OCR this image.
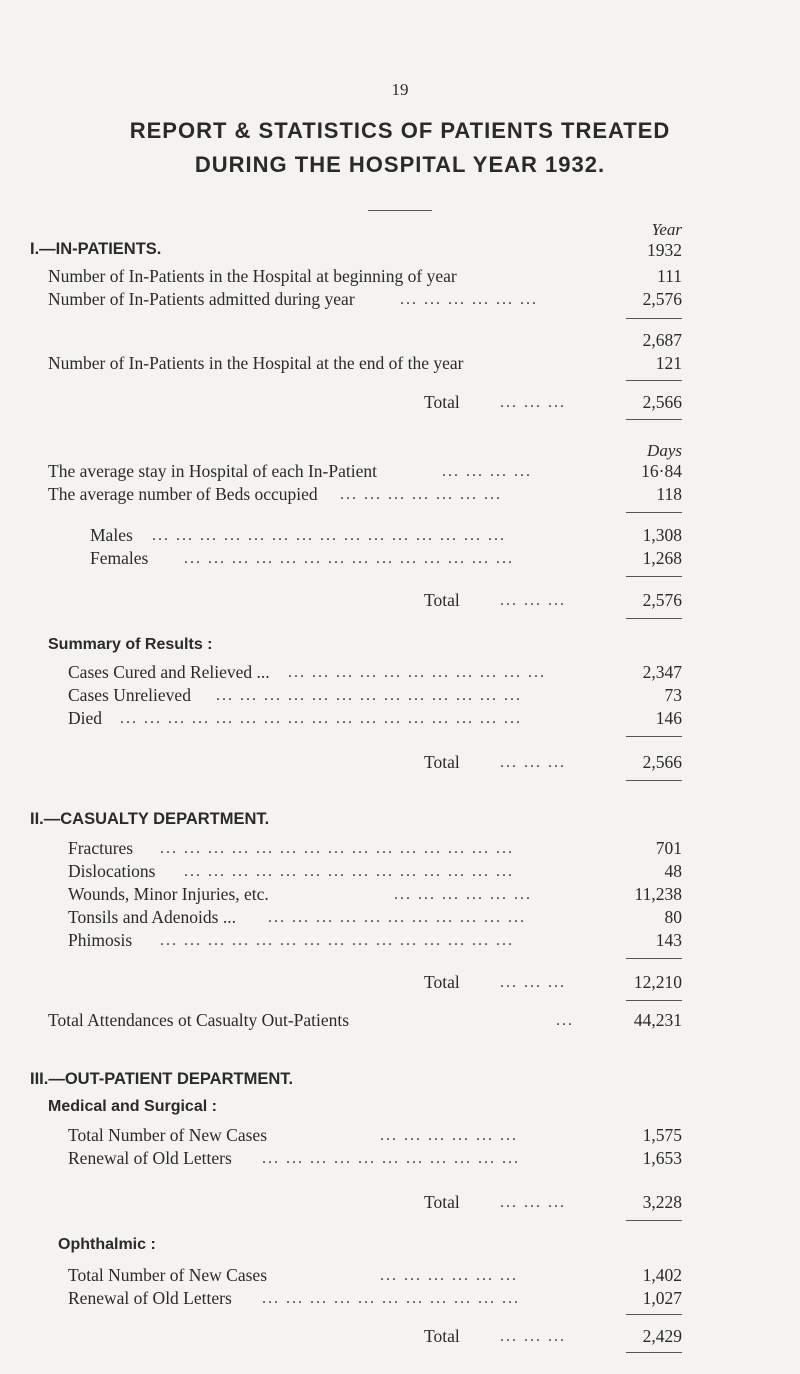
19
REPORT & STATISTICS OF PATIENTS TREATED
DURING THE HOSPITAL YEAR 1932.
Year
I.—IN-PATIENTS.	1932
Number of In-Patients in the Hospital at beginning of year	111
Number of In-Patients admitted during year	... ... ... ... ... ...	2,576
2,687
Number of In-Patients in the Hospital at the end of the year	121
Total	... ... ...	2,566
Days
The average stay in Hospital of each In-Patient	... ... ... ...	16·84
The average number of Beds occupied ... ... ... ... ... ... ...	118
Males ... ... ... ... ... ... ... ... ... ... ... ... ... ... ...	1,308
Females ... ... ... ... ... ... ... ... ... ... ... ... ... ...	1,268
Total	... ... ...	2,576
Summary of Results :
Cases Cured and Relieved ... ... ... ... ... ... ... ... ... ... ... ...	2,347
Cases Unrelieved ... ... ... ... ... ... ... ... ... ... ... ... ...	73
Died ... ... ... ... ... ... ... ... ... ... ... ... ... ... ... ... ...	146
Total	... ... ...	2,566
II.—CASUALTY DEPARTMENT.
Fractures ... ... ... ... ... ... ... ... ... ... ... ... ... ... ...	701
Dislocations ... ... ... ... ... ... ... ... ... ... ... ... ... ...	48
Wounds, Minor Injuries, etc.	... ... ... ... ... ...	11,238
Tonsils and Adenoids ... ... ... ... ... ... ... ... ... ... ... ...	80
Phimosis ... ... ... ... ... ... ... ... ... ... ... ... ... ... ...	143
Total	... ... ...	12,210
Total Attendances ot Casualty Out-Patients	...	44,231
III.—OUT-PATIENT DEPARTMENT.
Medical and Surgical :
Total Number of New Cases	... ... ... ... ... ...	1,575
Renewal of Old Letters ... ... ... ... ... ... ... ... ... ... ...	1,653
Total	... ... ...	3,228
Ophthalmic :
Total Number of New Cases	... ... ... ... ... ...	1,402
Renewal of Old Letters ... ... ... ... ... ... ... ... ... ... ...	1,027
Total	... ... ...	2,429
